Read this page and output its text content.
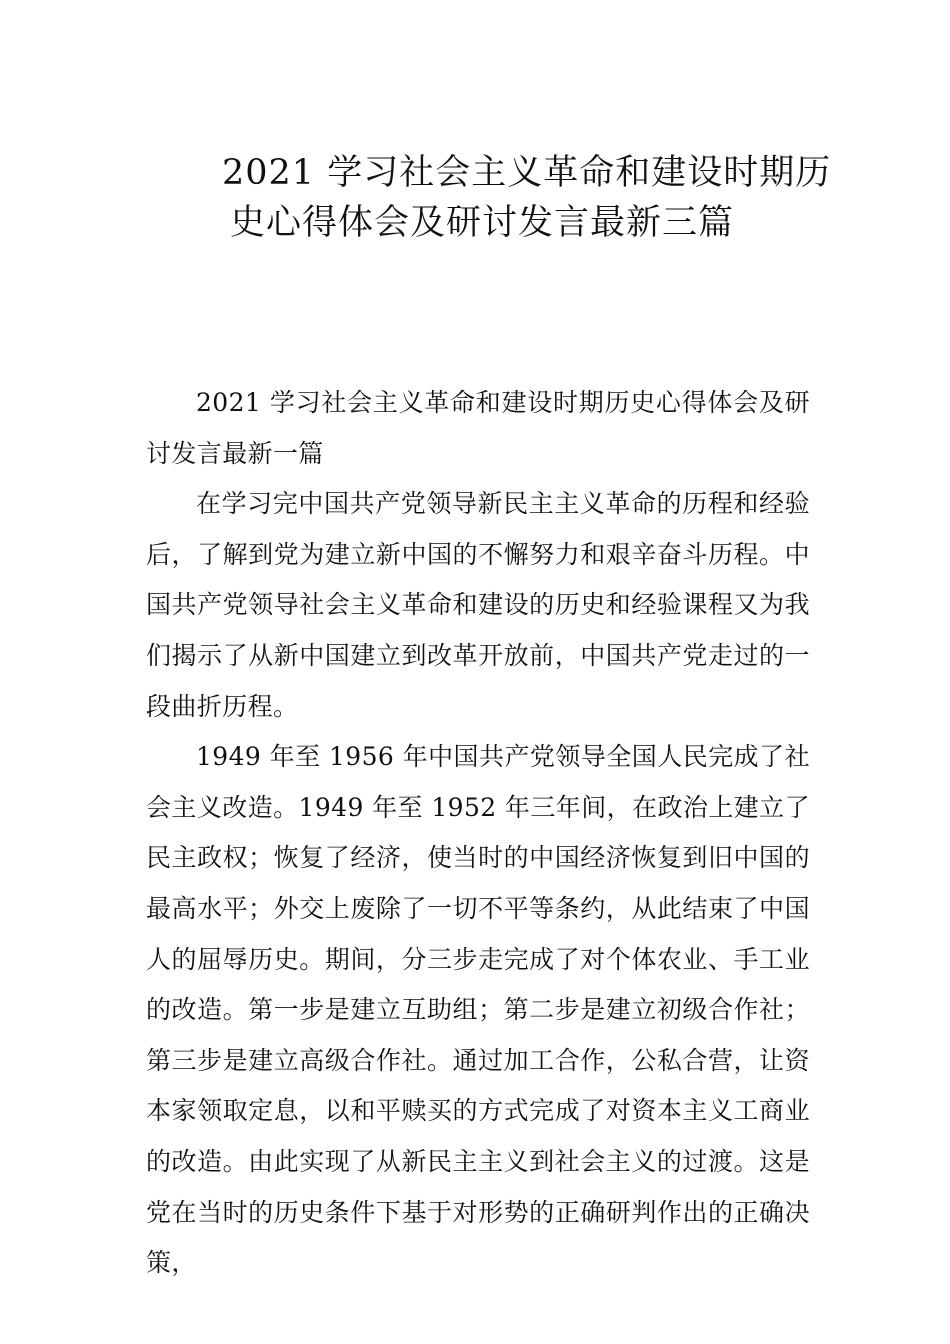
2021 学习社会主义革命和建设时期历
史心得体会及研讨发言最新三篇

2021 学习社会主义革命和建设时期历史心得体会及研讨发言最新一篇

在学习完中国共产党领导新民主主义革命的历程和经验后，了解到党为建立新中国的不懈努力和艰辛奋斗历程。中国共产党领导社会主义革命和建设的历史和经验课程又为我们揭示了从新中国建立到改革开放前，中国共产党走过的一段曲折历程。

1949 年至 1956 年中国共产党领导全国人民完成了社会主义改造。1949 年至 1952 年三年间，在政治上建立了民主政权；恢复了经济，使当时的中国经济恢复到旧中国的最高水平；外交上废除了一切不平等条约，从此结束了中国人的屈辱历史。期间，分三步走完成了对个体农业、手工业的改造。第一步是建立互助组；第二步是建立初级合作社；第三步是建立高级合作社。通过加工合作，公私合营，让资本家领取定息，以和平赎买的方式完成了对资本主义工商业的改造。由此实现了从新民主主义到社会主义的过渡。这是党在当时的历史条件下基于对形势的正确研判作出的正确决策，
